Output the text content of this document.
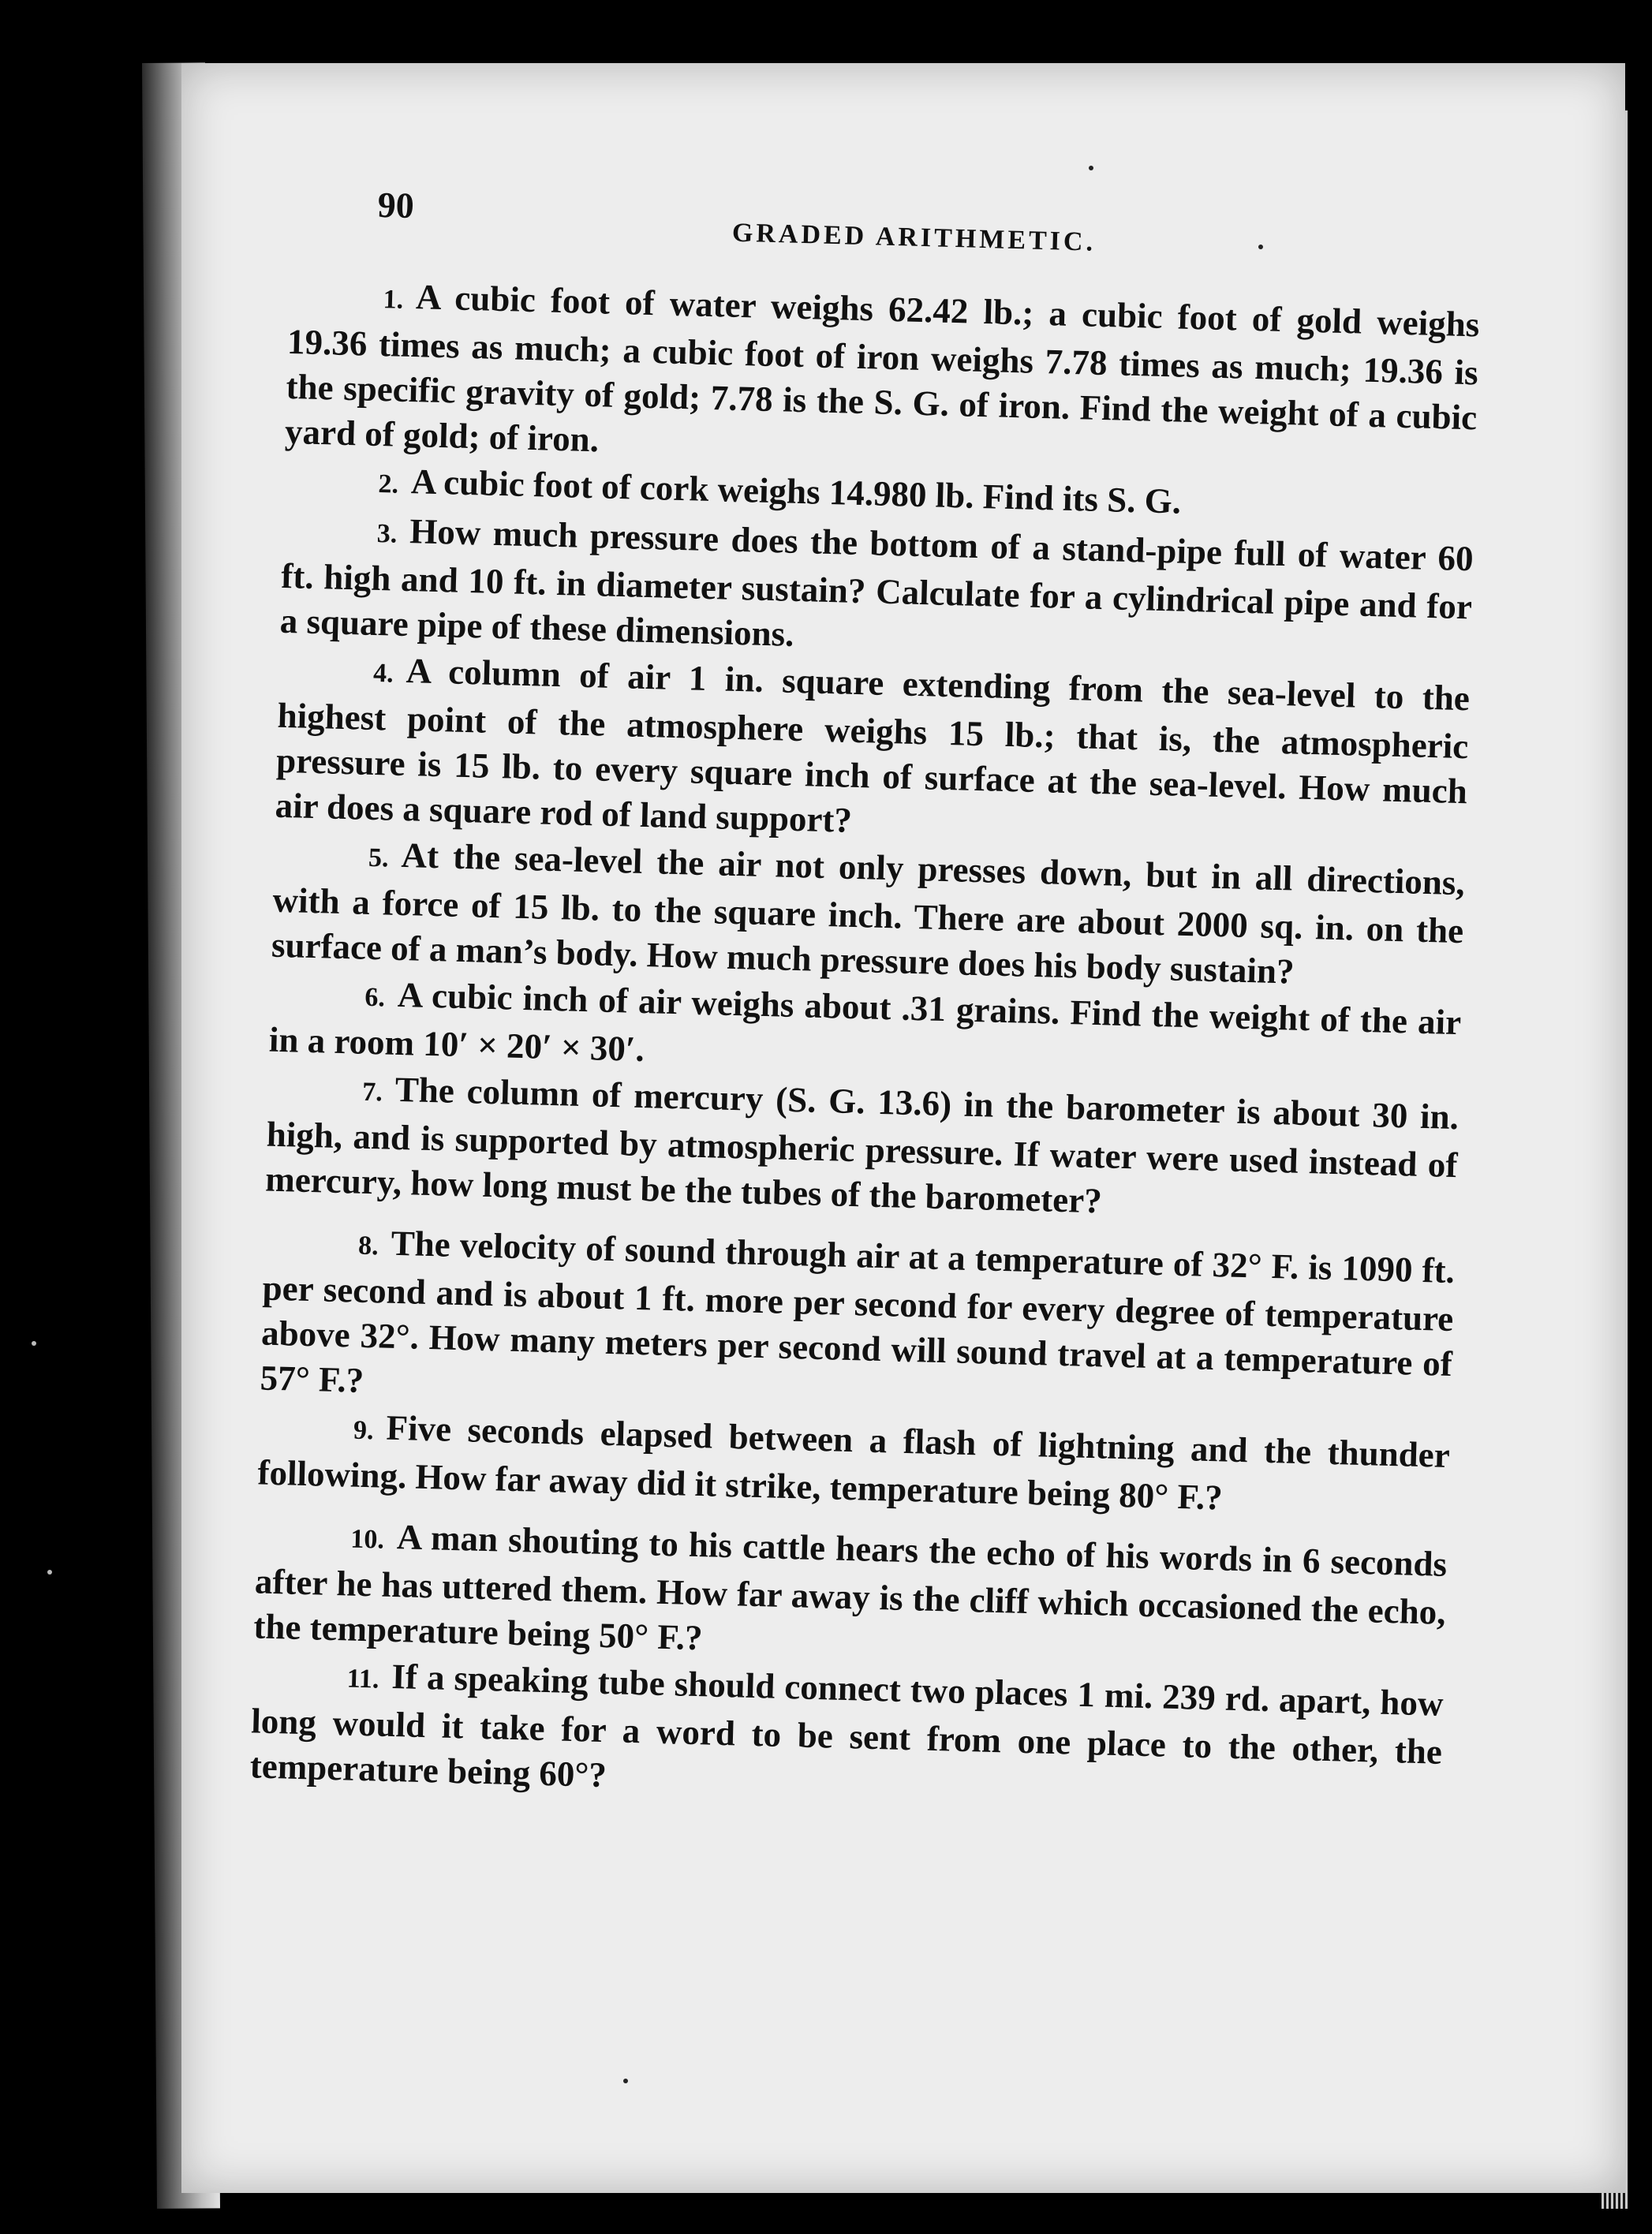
90
GRADED ARITHMETIC.

1. A cubic foot of water weighs 62.42 lb.; a cubic foot of gold weighs 19.36 times as much; a cubic foot of iron weighs 7.78 times as much; 19.36 is the specific gravity of gold; 7.78 is the S. G. of iron. Find the weight of a cubic yard of gold; of iron.

2. A cubic foot of cork weighs 14.980 lb. Find its S. G.

3. How much pressure does the bottom of a stand-pipe full of water 60 ft. high and 10 ft. in diameter sustain? Calculate for a cylindrical pipe and for a square pipe of these dimensions.

4. A column of air 1 in. square extending from the sea-level to the highest point of the atmosphere weighs 15 lb.; that is, the atmospheric pressure is 15 lb. to every square inch of surface at the sea-level. How much air does a square rod of land support?

5. At the sea-level the air not only presses down, but in all directions, with a force of 15 lb. to the square inch. There are about 2000 sq. in. on the surface of a man’s body. How much pressure does his body sustain?

6. A cubic inch of air weighs about .31 grains. Find the weight of the air in a room 10′ × 20′ × 30′.

7. The column of mercury (S. G. 13.6) in the barometer is about 30 in. high, and is supported by atmospheric pressure. If water were used instead of mercury, how long must be the tubes of the barometer?

8. The velocity of sound through air at a temperature of 32° F. is 1090 ft. per second and is about 1 ft. more per second for every degree of temperature above 32°. How many meters per second will sound travel at a temperature of 57° F.?

9. Five seconds elapsed between a flash of lightning and the thunder following. How far away did it strike, temperature being 80° F.?

10. A man shouting to his cattle hears the echo of his words in 6 seconds after he has uttered them. How far away is the cliff which occasioned the echo, the temperature being 50° F.?

11. If a speaking tube should connect two places 1 mi. 239 rd. apart, how long would it take for a word to be sent from one place to the other, the temperature being 60°?
